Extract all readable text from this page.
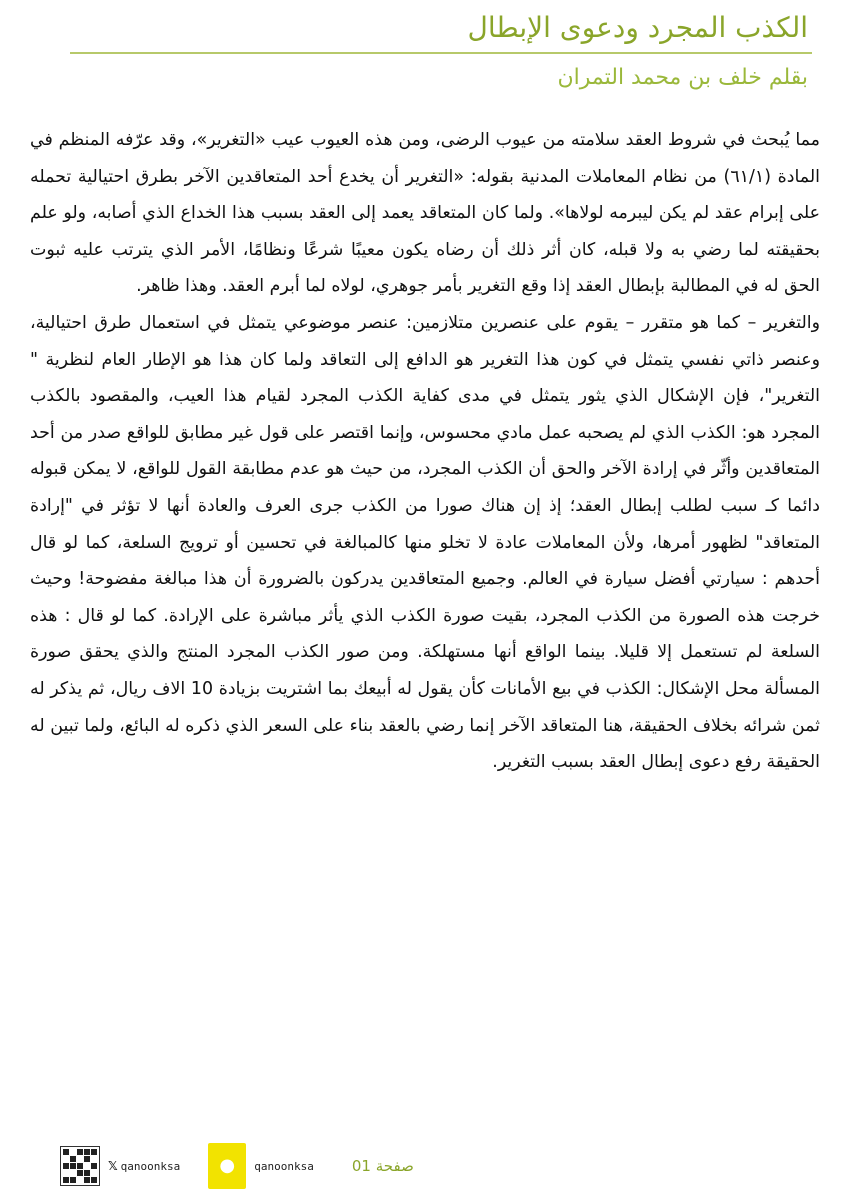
الكذب المجرد ودعوى الإبطال
بقلم خلف بن محمد التمران

مما يُبحث في شروط العقد سلامته من عيوب الرضى، ومن هذه العيوب عيب «التغرير»، وقد عرّفه المنظم في المادة (٦١/١) من نظام المعاملات المدنية بقوله: «التغرير أن يخدع أحد المتعاقدين الآخر بطرق احتيالية تحمله على إبرام عقد لم يكن ليبرمه لولاها». ولما كان المتعاقد يعمد إلى العقد بسبب هذا الخداع الذي أصابه، ولو علم بحقيقته لما رضي به ولا قبله، كان أثر ذلك أن رضاه يكون معيبًا شرعًا ونظامًا، الأمر الذي يترتب عليه ثبوت الحق له في المطالبة بإبطال العقد إذا وقع التغرير بأمر جوهري، لولاه لما أبرم العقد. وهذا ظاهر.

والتغرير – كما هو متقرر – يقوم على عنصرين متلازمين: عنصر موضوعي يتمثل في استعمال طرق احتيالية، وعنصر ذاتي نفسي يتمثل في كون هذا التغرير هو الدافع إلى التعاقد ولما كان هذا هو الإطار العام لنظرية " التغرير"، فإن الإشكال الذي يثور يتمثل في مدى كفاية الكذب المجرد لقيام هذا العيب، والمقصود بالكذب المجرد هو: الكذب الذي لم يصحبه عمل مادي محسوس، وإنما اقتصر على قول غير مطابق للواقع صدر من أحد المتعاقدين وأثّر في إرادة الآخر والحق أن الكذب المجرد، من حيث هو عدم مطابقة القول للواقع، لا يمكن قبوله دائما كـ سبب لطلب إبطال العقد؛ إذ إن هناك صورا من الكذب جرى العرف والعادة أنها لا تؤثر في "إرادة المتعاقد" لظهور أمرها، ولأن المعاملات عادة لا تخلو منها كالمبالغة في تحسين أو ترويج السلعة، كما لو قال أحدهم : سيارتي أفضل سيارة في العالم. وجميع المتعاقدين يدركون بالضرورة أن هذا مبالغة مفضوحة! وحيث خرجت هذه الصورة من الكذب المجرد، بقيت صورة الكذب الذي يأثر مباشرة على الإرادة. كما لو قال : هذه السلعة لم تستعمل إلا قليلا. بينما الواقع أنها مستهلكة. ومن صور الكذب المجرد المنتج والذي يحقق صورة المسألة محل الإشكال: الكذب في بيع الأمانات كأن يقول له أبيعك بما اشتريت بزيادة 10 الاف ريال، ثم يذكر له ثمن شرائه بخلاف الحقيقة، هنا المتعاقد الآخر إنما رضي بالعقد بناء على السعر الذي ذكره له البائع، ولما تبين له الحقيقة رفع دعوى إبطال العقد بسبب التغرير.

𝕏 qanoonksa ● qanoonksa	صفحة 01
